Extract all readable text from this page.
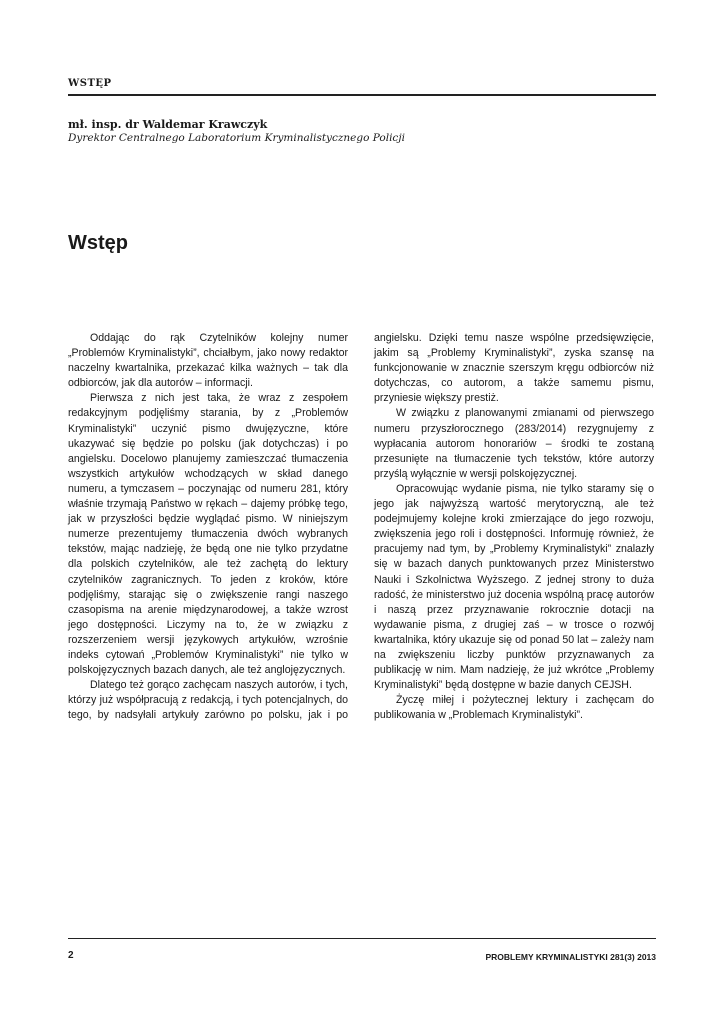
WSTĘP
mł. insp. dr Waldemar Krawczyk
Dyrektor Centralnego Laboratorium Kryminalistycznego Policji
Wstęp

Oddając do rąk Czytelników kolejny numer „Problemów Kryminalistyki”, chciałbym, jako nowy redaktor naczelny kwartalnika, przekazać kilka ważnych – tak dla odbiorców, jak dla autorów – informacji.

Pierwsza z nich jest taka, że wraz z zespołem redakcyjnym podjęliśmy starania, by z „Problemów Kryminalistyki” uczynić pismo dwujęzyczne, które ukazywać się będzie po polsku (jak dotychczas) i po angielsku. Docelowo planujemy zamieszczać tłumaczenia wszystkich artykułów wchodzących w skład danego numeru, a tymczasem – poczynając od numeru 281, który właśnie trzymają Państwo w rękach – dajemy próbkę tego, jak w przyszłości będzie wyglądać pismo. W niniejszym numerze prezentujemy tłumaczenia dwóch wybranych tekstów, mając nadzieję, że będą one nie tylko przydatne dla polskich czytelników, ale też zachętą do lektury czytelników zagranicznych. To jeden z kroków, które podjęliśmy, starając się o zwiększenie rangi naszego czasopisma na arenie międzynarodowej, a także wzrost jego dostępności. Liczymy na to, że w związku z rozszerzeniem wersji językowych artykułów, wzrośnie indeks cytowań „Problemów Kryminalistyki” nie tylko w polskojęzycznych bazach danych, ale też anglojęzycznych.

Dlatego też gorąco zachęcam naszych autorów, i tych, którzy już współpracują z redakcją, i tych potencjalnych, do tego, by nadsyłali artykuły zarówno po polsku, jak i po

angielsku. Dzięki temu nasze wspólne przedsięwzięcie, jakim są „Problemy Kryminalistyki”, zyska szansę na funkcjonowanie w znacznie szerszym kręgu odbiorców niż dotychczas, co autorom, a także samemu pismu, przyniesie większy prestiż.

W związku z planowanymi zmianami od pierwszego numeru przyszłorocznego (283/2014) rezygnujemy z wypłacania autorom honorariów – środki te zostaną przesunięte na tłumaczenie tych tekstów, które autorzy przyślą wyłącznie w wersji polskojęzycznej.

Opracowując wydanie pisma, nie tylko staramy się o jego jak najwyższą wartość merytoryczną, ale też podejmujemy kolejne kroki zmierzające do jego rozwoju, zwiększenia jego roli i dostępności. Informuję również, że pracujemy nad tym, by „Problemy Kryminalistyki” znalazły się w bazach danych punktowanych przez Ministerstwo Nauki i Szkolnictwa Wyższego. Z jednej strony to duża radość, że ministerstwo już docenia wspólną pracę autorów i naszą przez przyznawanie rokrocznie dotacji na wydawanie pisma, z drugiej zaś – w trosce o rozwój kwartalnika, który ukazuje się od ponad 50 lat – zależy nam na zwiększeniu liczby punktów przyznawanych za publikację w nim. Mam nadzieję, że już wkrótce „Problemy Kryminalistyki” będą dostępne w bazie danych CEJSH.

Życzę miłej i pożytecznej lektury i zachęcam do publikowania w „Problemach Kryminalistyki”.

2	PROBLEMY KRYMINALISTYKI 281(3) 2013
